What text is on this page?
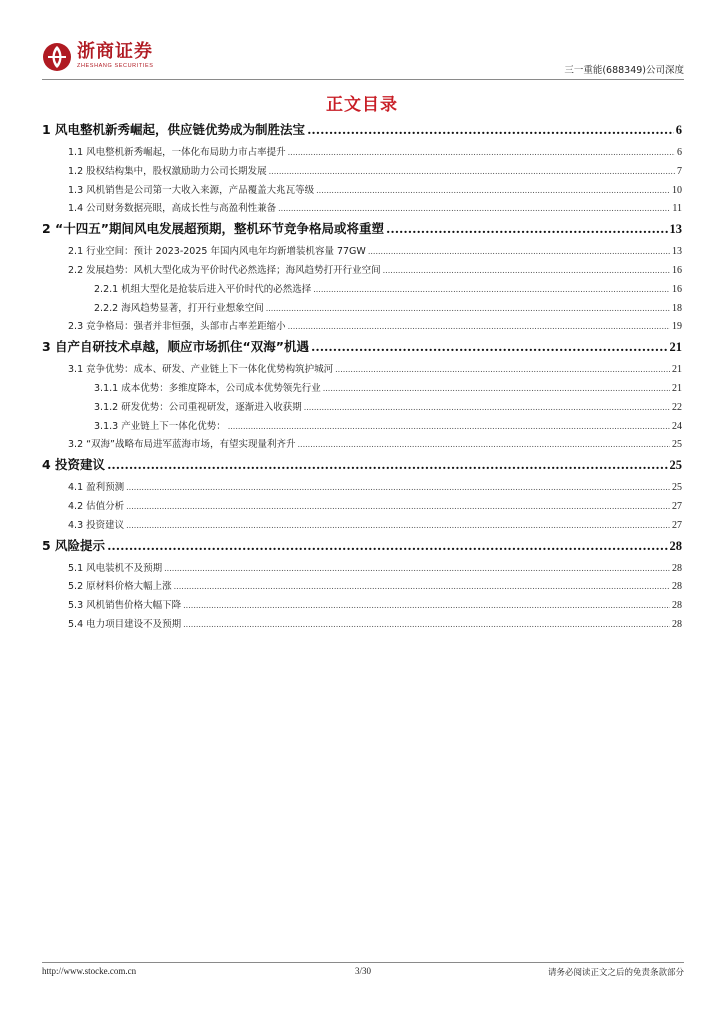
浙商证券
ZHESHANG SECURITIES	三一重能(688349)公司深度
正文目录
1 风电整机新秀崛起，供应链优势成为制胜法宝 .....	6
1.1 风电整机新秀崛起，一体化布局助力市占率提升 .....	6
1.2 股权结构集中，股权激励助力公司长期发展 .....	7
1.3 风机销售是公司第一大收入来源，产品覆盖大兆瓦等级 .....	10
1.4 公司财务数据亮眼，高成长性与高盈利性兼备 .....	11
2 “十四五”期间风电发展超预期，整机环节竞争格局或将重塑 .....	13
2.1 行业空间：预计 2023-2025 年国内风电年均新增装机容量 77GW .....	13
2.2 发展趋势：风机大型化成为平价时代必然选择；海风趋势打开行业空间 .....	16
2.2.1 机组大型化是抢装后进入平价时代的必然选择 .....	16
2.2.2 海风趋势显著，打开行业想象空间 .....	18
2.3 竞争格局：强者并非恒强，头部市占率差距缩小 .....	19
3 自产自研技术卓越，顺应市场抓住“双海”机遇 .....	21
3.1 竞争优势：成本、研发、产业链上下一体化优势构筑护城河 .....	21
3.1.1 成本优势：多维度降本，公司成本优势领先行业 .....	21
3.1.2 研发优势：公司重视研发，逐渐进入收获期 .....	22
3.1.3 产业链上下一体化优势： .....	24
3.2 “双海”战略布局进军蓝海市场，有望实现量利齐升 .....	25
4 投资建议 .....	25
4.1 盈利预测 .....	25
4.2 估值分析 .....	27
4.3 投资建议 .....	27
5 风险提示 .....	28
5.1 风电装机不及预期 .....	28
5.2 原材料价格大幅上涨 .....	28
5.3 风机销售价格大幅下降 .....	28
5.4 电力项目建设不及预期 .....	28
http://www.stocke.com.cn	3/30	请务必阅读正文之后的免责条款部分
